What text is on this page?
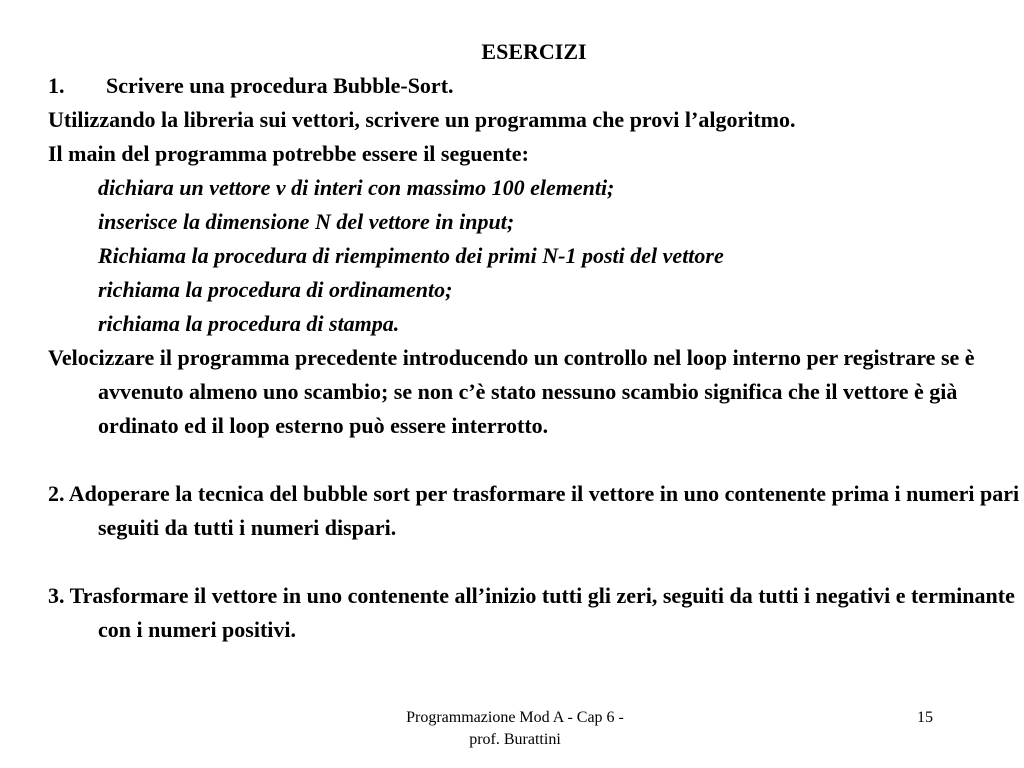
ESERCIZI
1. Scrivere una procedura Bubble-Sort.
Utilizzando la libreria sui vettori, scrivere un programma che provi l’algoritmo.
Il main del programma potrebbe essere il seguente:
dichiara un vettore v di interi con massimo 100 elementi;
inserisce la dimensione N del vettore in input;
Richiama la procedura di riempimento dei primi N-1 posti del vettore
richiama la procedura di ordinamento;
richiama la procedura di stampa.
Velocizzare il programma precedente introducendo un controllo nel loop interno per registrare se è avvenuto almeno uno scambio; se non c’è stato nessuno scambio significa che il vettore è già ordinato ed il loop esterno può essere interrotto.
2. Adoperare la tecnica del bubble sort per trasformare il vettore in uno contenente prima i numeri pari seguiti da tutti i numeri dispari.
3. Trasformare il vettore in uno contenente all’inizio tutti gli zeri, seguiti da tutti i negativi e terminante con i numeri positivi.
Programmazione Mod A - Cap 6 -
prof. Burattini
15
